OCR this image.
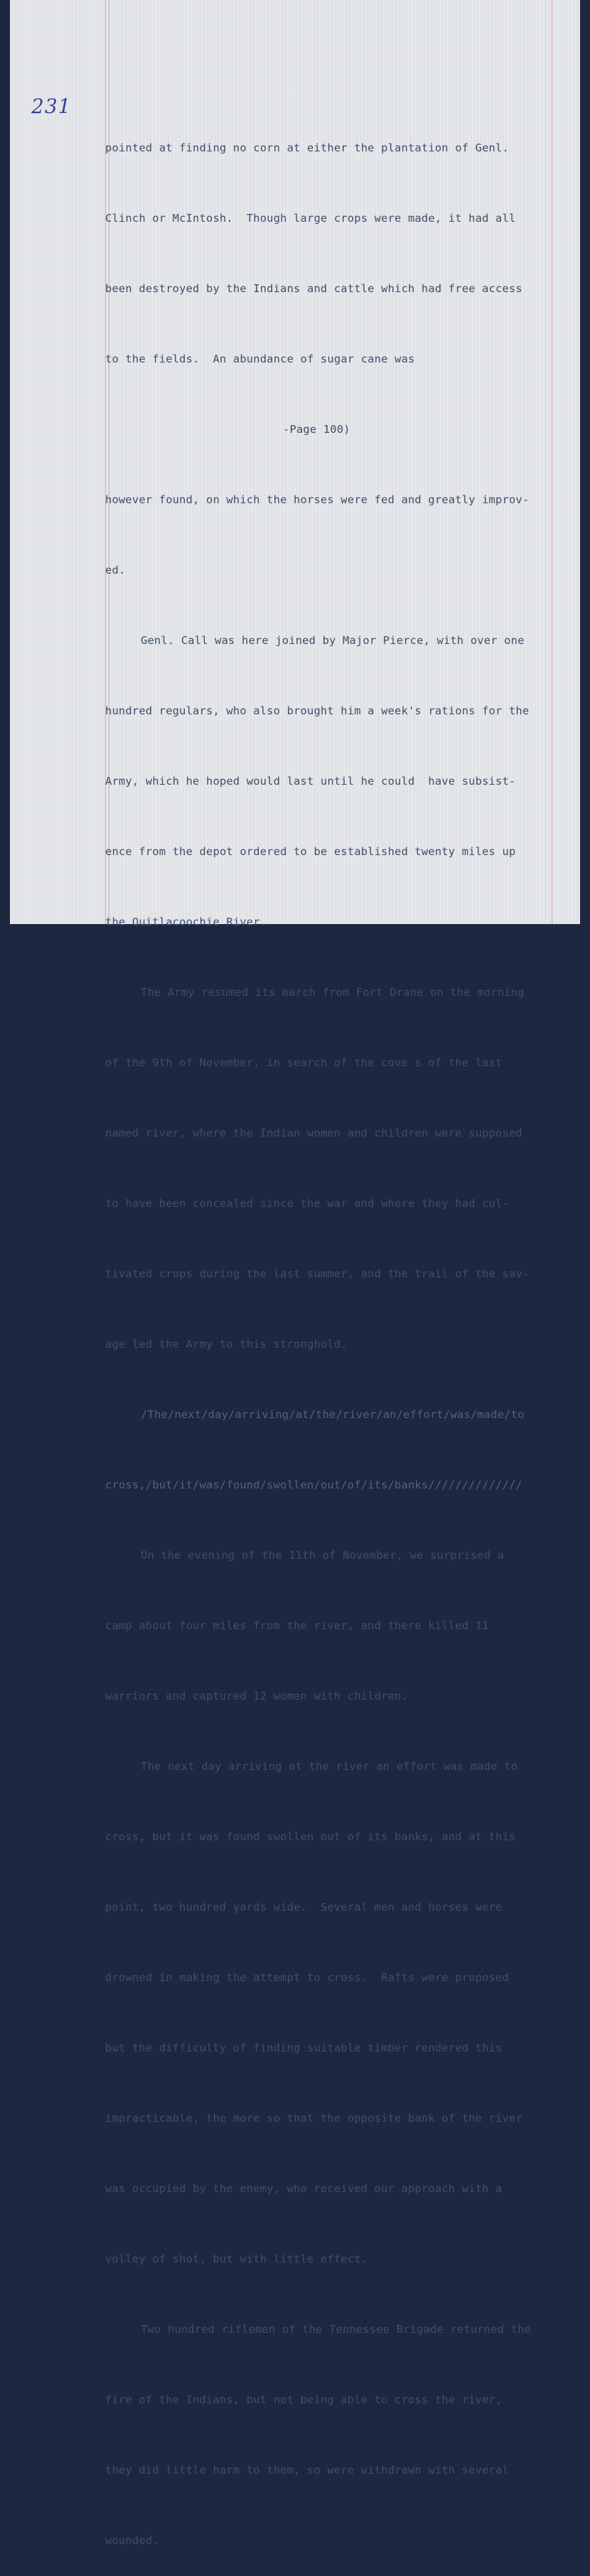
231

pointed at finding no corn at either the plantation of Genl.

Clinch or McIntosh.  Though large crops were made, it had all

been destroyed by the Indians and cattle which had free access

to the fields.  An abundance of sugar cane was

-Page 100)

however found, on which the horses were fed and greatly improv-

ed.

Genl. Call was here joined by Major Pierce, with over one

hundred regulars, who also brought him a week's rations for the

Army, which he hoped would last until he could  have subsist-

ence from the depot ordered to be established twenty miles up

the Quitlacoochie River.

The Army resumed its march from Fort Drane on the morning

of the 9th of November, in search of the cove s of the last

named river, where the Indian women and children were supposed

to have been concealed since the war and where they had cul-

tivated crops during the last summer, and the trail of the sav-

age led the Army to this stronghold.

/The/next/day/arriving/at/the/river/an/effort/was/made/to

cross,/but/it/was/found/swollen/out/of/its/banks//////////////

On the evening of the 11th of November, we surprised a

camp about four miles from the river, and there killed 11

warriors and captured 12 women with children.

The next day arriving at the river an effort was made to

cross, but it was found swollen out of its banks, and at this

point, two hundred yards wide.  Several men and horses were

drowned in making the attempt to cross.  Rafts were proposed

but the difficulty of finding suitable timber rendered this

impracticable, the more so that the opposite bank of the river

was occupied by the enemy, who received our approach with a

volley of shot, but with little effect.

Two hundred riflemen of the Tennessee Brigade returned the

fire of the Indians, but not being able to cross the river,

they did little harm to them, so were withdrawn with several

wounded.
